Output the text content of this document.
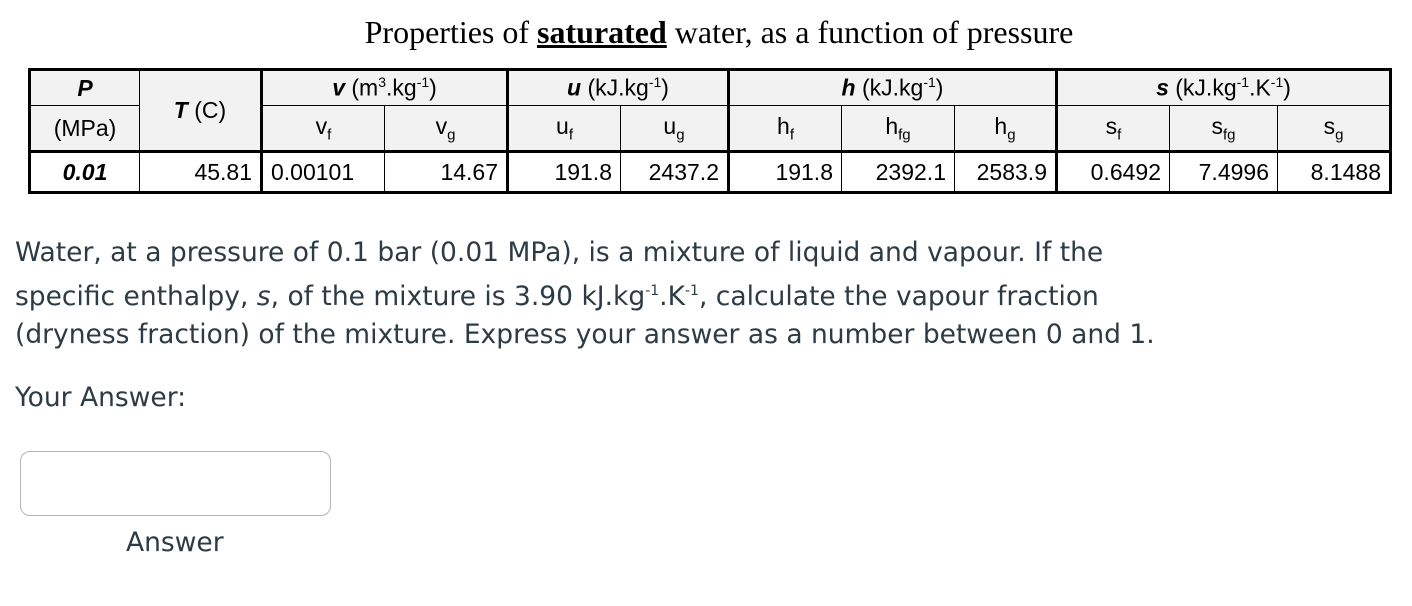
Properties of saturated water, as a function of pressure
P	T (C)	v $(m^3.kg^{-1})$		u $(kJ.kg^{-1})$		h $(kJ.kg^{-1})$			s $(kJ.kg^{-1}.K^{-1})$		
(MPa)		$v_f$	$v_g$	$u_f$	$u_g$	$h_f$	$h_{fg}$	$h_g$	$s_f$	$s_{fg}$	$s_g$
0.01	45.81	0.00101	14.67	191.8	2437.2	191.8	2392.1	2583.9	0.6492	7.4996	8.1488
Water, at a pressure of 0.1 bar (0.01 MPa), is a mixture of liquid and vapour. If the specific enthalpy, s, of the mixture is 3.90 $kJ.kg^{-1}.K^{-1}$, calculate the vapour fraction (dryness fraction) of the mixture. Express your answer as a number between 0 and 1.
Your Answer:
Answer
